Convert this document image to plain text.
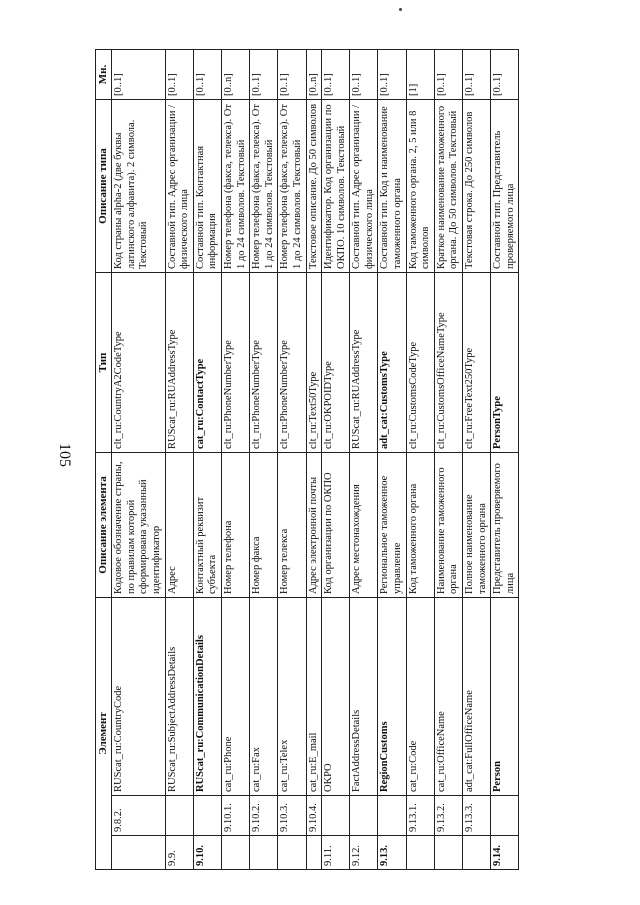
105
Элемент			Описание элемента	Тип	Описание типа	Мн.
	9.8.2.	RUScat_ru:CountryCode	Кодовое обозначение страны, по правилам которой сформирована указанный идентификатор	clt_ru:CountryA2CodeType	Код страны alpha-2 (две буквы латинского алфавита). 2 символа. Текстовый	[0..1]
9.9.		RUScat_ru:SubjectAddressDetails	Адрес	RUScat_ru:RUAddressType	Составной тип. Адрес организации / физического лица	[0..1]
9.10.		RUScat_ru:CommunicationDetails	Контактный реквизит субъекта	cat_ru:ContactType	Составной тип. Контактная информация	[0..1]
	9.10.1.	cat_ru:Phone	Номер телефона	clt_ru:PhoneNumberType	Номер телефона (факса, телекса). От 1 до 24 символов. Текстовый	[0..n]
	9.10.2.	cat_ru:Fax	Номер факса	clt_ru:PhoneNumberType	Номер телефона (факса, телекса). От 1 до 24 символов. Текстовый	[0..1]
	9.10.3.	cat_ru:Telex	Номер телекса	clt_ru:PhoneNumberType	Номер телефона (факса, телекса). От 1 до 24 символов. Текстовый	[0..1]
	9.10.4.	cat_ru:E_mail	Адрес электронной почты	clt_ru:Text50Type	Текстовое описание. До 50 символов	[0..n]
9.11.		OKPO	Код организации по ОКПО	clt_ru:OKPOIDType	Идентификатор. Код организации по ОКПО. 10 символов. Текстовый	[0..1]
9.12.		FactAddressDetails	Адрес местонахождения	RUScat_ru:RUAddressType	Составной тип. Адрес организации / физического лица	[0..1]
9.13.		RegionCustoms	Региональное таможенное управление	adt_cat:CustomsType	Составной тип. Код и наименование таможенного органа	[0..1]
	9.13.1.	cat_ru:Code	Код таможенного органа	clt_ru:CustomsCodeType	Код таможенного органа. 2, 5 или 8 символов	[1]
	9.13.2.	cat_ru:OfficeName	Наименование таможенного органа	clt_ru:CustomsOfficeNameType	Краткое наименование таможенного органа. До 50 символов. Текстовый	[0..1]
	9.13.3.	adt_cat:FullOfficeName	Полное наименование таможенного органа	clt_ru:FreeText250Type	Текстовая строка. До 250 символов	[0..1]
9.14.		Person	Представитель проверяемого лица	PersonType	Составной тип. Представитель проверяемого лица	[0..1]
